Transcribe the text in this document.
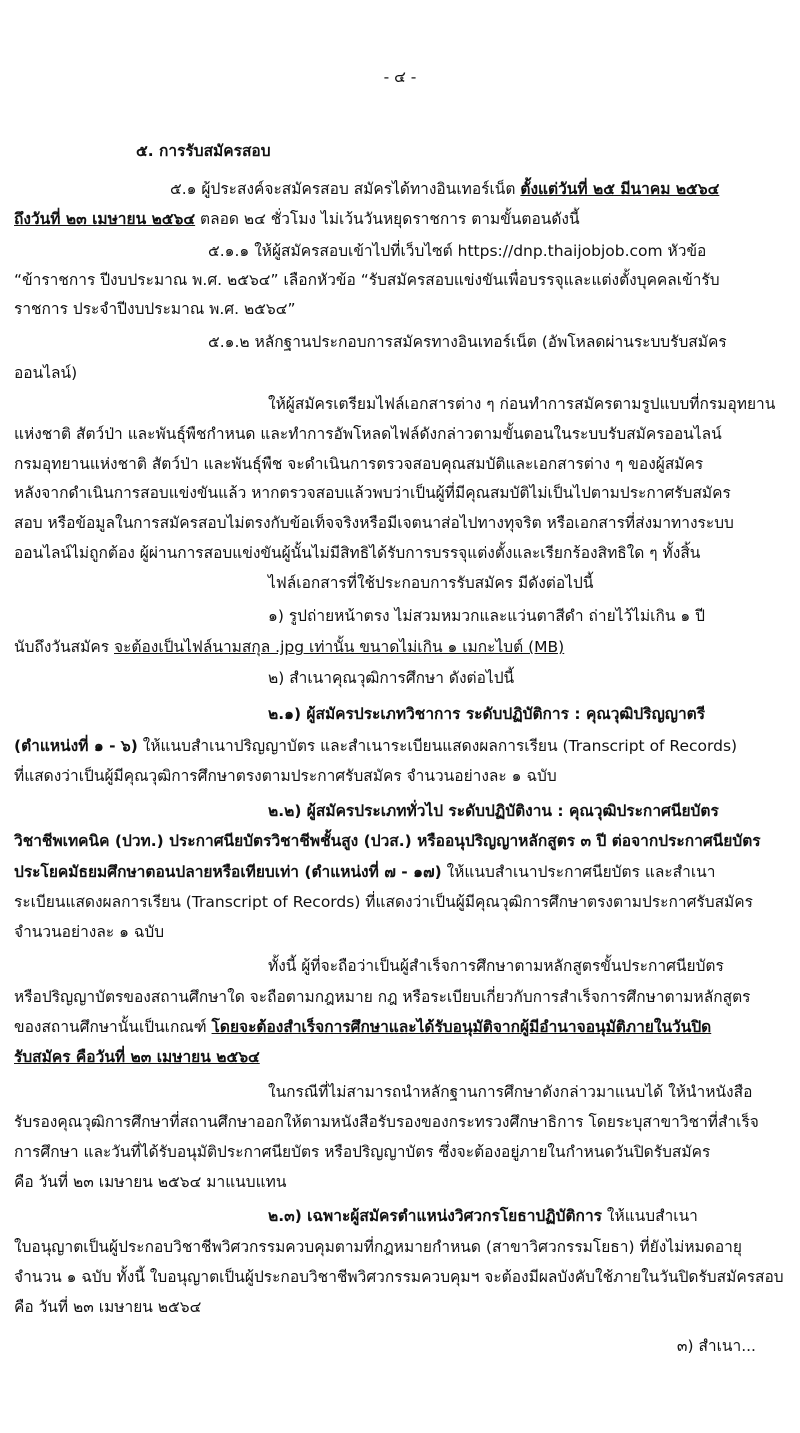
- ๔ -
๕. การรับสมัครสอบ
๕.๑ ผู้ประสงค์จะสมัครสอบ สมัครได้ทางอินเทอร์เน็ต ตั้งแต่วันที่ ๒๕ มีนาคม ๒๕๖๔
ถึงวันที่ ๒๓ เมษายน ๒๕๖๔ ตลอด ๒๔ ชั่วโมง ไม่เว้นวันหยุดราชการ ตามขั้นตอนดังนี้
๕.๑.๑ ให้ผู้สมัครสอบเข้าไปที่เว็บไซต์ https://dnp.thaijobjob.com หัวข้อ
“ข้าราชการ ปีงบประมาณ พ.ศ. ๒๕๖๔” เลือกหัวข้อ “รับสมัครสอบแข่งขันเพื่อบรรจุและแต่งตั้งบุคคลเข้ารับ
ราชการ ประจำปีงบประมาณ พ.ศ. ๒๕๖๔”
๕.๑.๒ หลักฐานประกอบการสมัครทางอินเทอร์เน็ต (อัพโหลดผ่านระบบรับสมัคร
ออนไลน์)
ให้ผู้สมัครเตรียมไฟล์เอกสารต่าง ๆ ก่อนทำการสมัครตามรูปแบบที่กรมอุทยาน
แห่งชาติ สัตว์ป่า และพันธุ์พืชกำหนด และทำการอัพโหลดไฟล์ดังกล่าวตามขั้นตอนในระบบรับสมัครออนไลน์
กรมอุทยานแห่งชาติ สัตว์ป่า และพันธุ์พืช จะดำเนินการตรวจสอบคุณสมบัติและเอกสารต่าง ๆ ของผู้สมัคร
หลังจากดำเนินการสอบแข่งขันแล้ว หากตรวจสอบแล้วพบว่าเป็นผู้ที่มีคุณสมบัติไม่เป็นไปตามประกาศรับสมัคร
สอบ หรือข้อมูลในการสมัครสอบไม่ตรงกับข้อเท็จจริงหรือมีเจตนาส่อไปทางทุจริต หรือเอกสารที่ส่งมาทางระบบ
ออนไลน์ไม่ถูกต้อง ผู้ผ่านการสอบแข่งขันผู้นั้นไม่มีสิทธิได้รับการบรรจุแต่งตั้งและเรียกร้องสิทธิใด ๆ ทั้งสิ้น
ไฟล์เอกสารที่ใช้ประกอบการรับสมัคร มีดังต่อไปนี้
๑) รูปถ่ายหน้าตรง ไม่สวมหมวกและแว่นตาสีดำ ถ่ายไว้ไม่เกิน ๑ ปี
นับถึงวันสมัคร จะต้องเป็นไฟล์นามสกุล .jpg เท่านั้น ขนาดไม่เกิน ๑ เมกะไบต์ (MB)
๒) สำเนาคุณวุฒิการศึกษา ดังต่อไปนี้
๒.๑) ผู้สมัครประเภทวิชาการ ระดับปฏิบัติการ : คุณวุฒิปริญญาตรี
(ตำแหน่งที่ ๑ - ๖) ให้แนบสำเนาปริญญาบัตร และสำเนาระเบียนแสดงผลการเรียน (Transcript of Records)
ที่แสดงว่าเป็นผู้มีคุณวุฒิการศึกษาตรงตามประกาศรับสมัคร จำนวนอย่างละ ๑ ฉบับ
๒.๒) ผู้สมัครประเภททั่วไป ระดับปฏิบัติงาน : คุณวุฒิประกาศนียบัตร
วิชาชีพเทคนิค (ปวท.) ประกาศนียบัตรวิชาชีพชั้นสูง (ปวส.) หรืออนุปริญญาหลักสูตร ๓ ปี ต่อจากประกาศนียบัตร
ประโยคมัธยมศึกษาตอนปลายหรือเทียบเท่า (ตำแหน่งที่ ๗ - ๑๗) ให้แนบสำเนาประกาศนียบัตร และสำเนา
ระเบียนแสดงผลการเรียน (Transcript of Records) ที่แสดงว่าเป็นผู้มีคุณวุฒิการศึกษาตรงตามประกาศรับสมัคร
จำนวนอย่างละ ๑ ฉบับ
ทั้งนี้ ผู้ที่จะถือว่าเป็นผู้สำเร็จการศึกษาตามหลักสูตรขั้นประกาศนียบัตร
หรือปริญญาบัตรของสถานศึกษาใด จะถือตามกฎหมาย กฎ หรือระเบียบเกี่ยวกับการสำเร็จการศึกษาตามหลักสูตร
ของสถานศึกษานั้นเป็นเกณฑ์ โดยจะต้องสำเร็จการศึกษาและได้รับอนุมัติจากผู้มีอำนาจอนุมัติภายในวันปิด
รับสมัคร คือวันที่ ๒๓ เมษายน ๒๕๖๔
ในกรณีที่ไม่สามารถนำหลักฐานการศึกษาดังกล่าวมาแนบได้ ให้นำหนังสือ
รับรองคุณวุฒิการศึกษาที่สถานศึกษาออกให้ตามหนังสือรับรองของกระทรวงศึกษาธิการ โดยระบุสาขาวิชาที่สำเร็จ
การศึกษา และวันที่ได้รับอนุมัติประกาศนียบัตร หรือปริญญาบัตร ซึ่งจะต้องอยู่ภายในกำหนดวันปิดรับสมัคร
คือ วันที่ ๒๓ เมษายน ๒๕๖๔ มาแนบแทน
๒.๓) เฉพาะผู้สมัครตำแหน่งวิศวกรโยธาปฏิบัติการ ให้แนบสำเนา
ใบอนุญาตเป็นผู้ประกอบวิชาชีพวิศวกรรมควบคุมตามที่กฎหมายกำหนด (สาขาวิศวกรรมโยธา) ที่ยังไม่หมดอายุ
จำนวน ๑ ฉบับ ทั้งนี้ ใบอนุญาตเป็นผู้ประกอบวิชาชีพวิศวกรรมควบคุมฯ จะต้องมีผลบังคับใช้ภายในวันปิดรับสมัครสอบ
คือ วันที่ ๒๓ เมษายน ๒๕๖๔
๓) สำเนา...
